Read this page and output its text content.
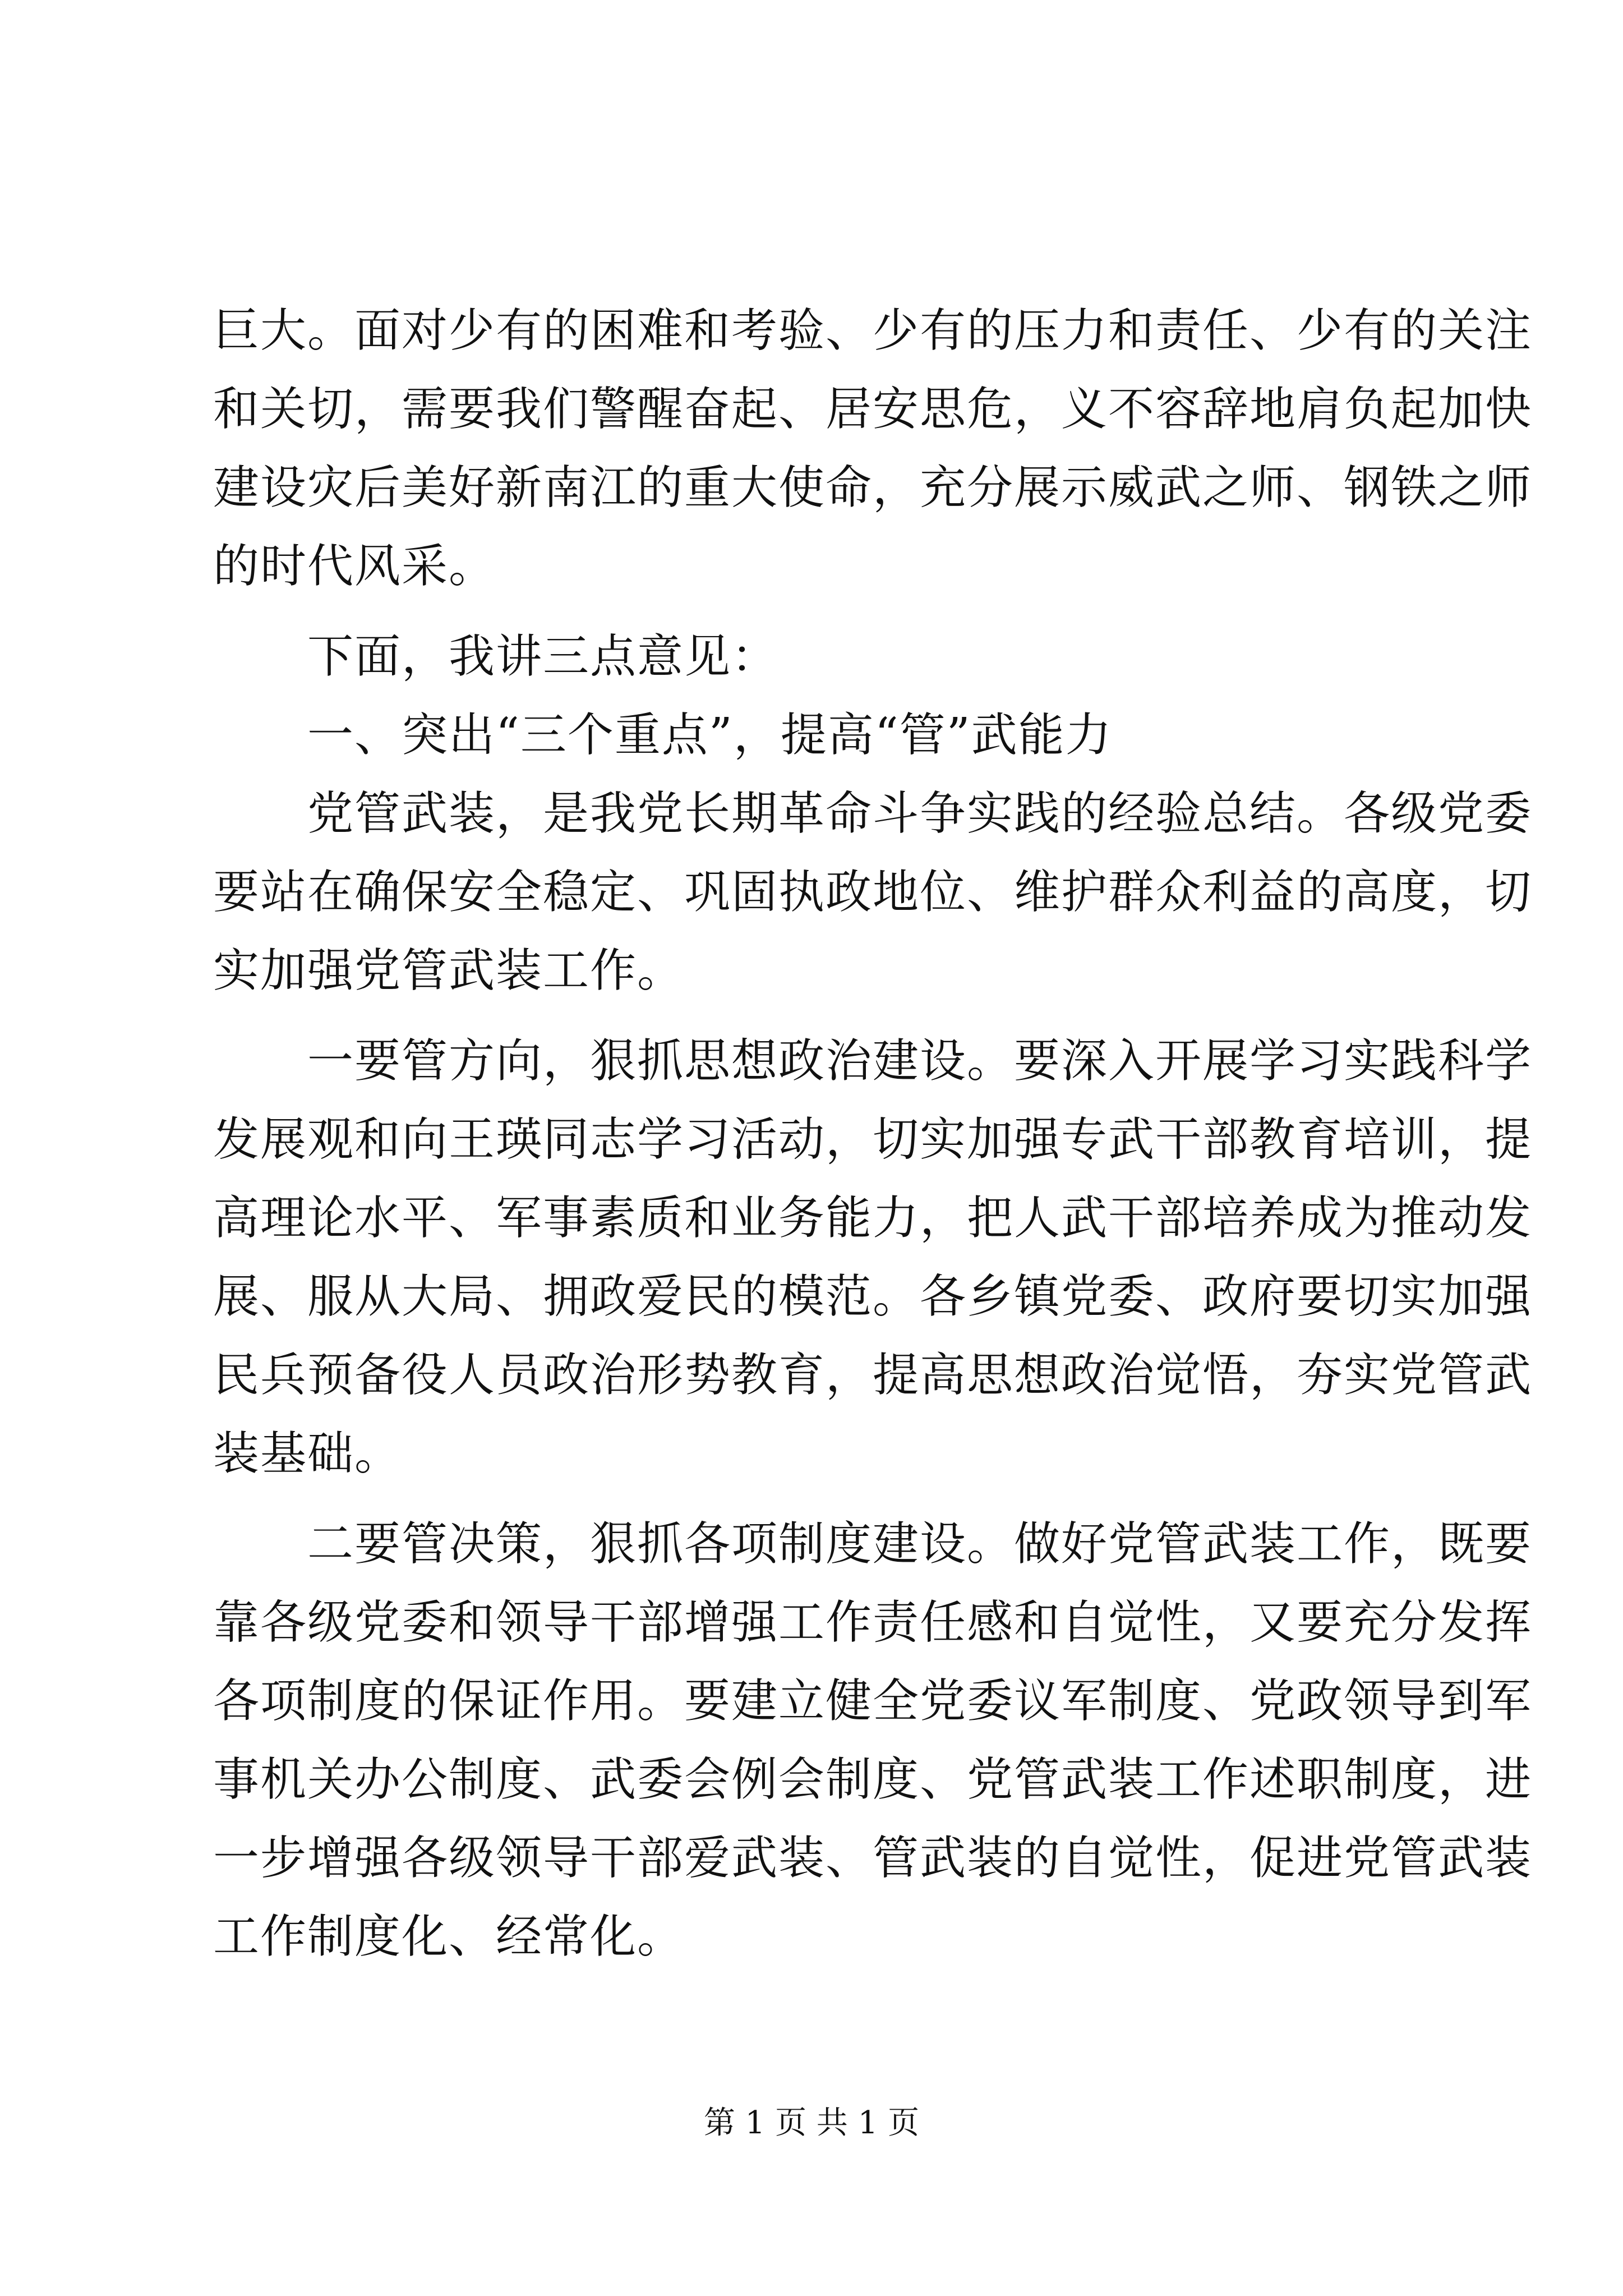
巨大。面对少有的困难和考验、少有的压力和责任、少有的关注
和关切，需要我们警醒奋起、居安思危，义不容辞地肩负起加快
建设灾后美好新南江的重大使命，充分展示威武之师、钢铁之师
的时代风采。
下面，我讲三点意见：
一、突出“三个重点”，提高“管”武能力
党管武装，是我党长期革命斗争实践的经验总结。各级党委
要站在确保安全稳定、巩固执政地位、维护群众利益的高度，切
实加强党管武装工作。
一要管方向，狠抓思想政治建设。要深入开展学习实践科学
发展观和向王瑛同志学习活动，切实加强专武干部教育培训，提
高理论水平、军事素质和业务能力，把人武干部培养成为推动发
展、服从大局、拥政爱民的模范。各乡镇党委、政府要切实加强
民兵预备役人员政治形势教育，提高思想政治觉悟，夯实党管武
装基础。
二要管决策，狠抓各项制度建设。做好党管武装工作，既要
靠各级党委和领导干部增强工作责任感和自觉性，又要充分发挥
各项制度的保证作用。要建立健全党委议军制度、党政领导到军
事机关办公制度、武委会例会制度、党管武装工作述职制度，进
一步增强各级领导干部爱武装、管武装的自觉性，促进党管武装
工作制度化、经常化。
第 1 页 共 1 页
